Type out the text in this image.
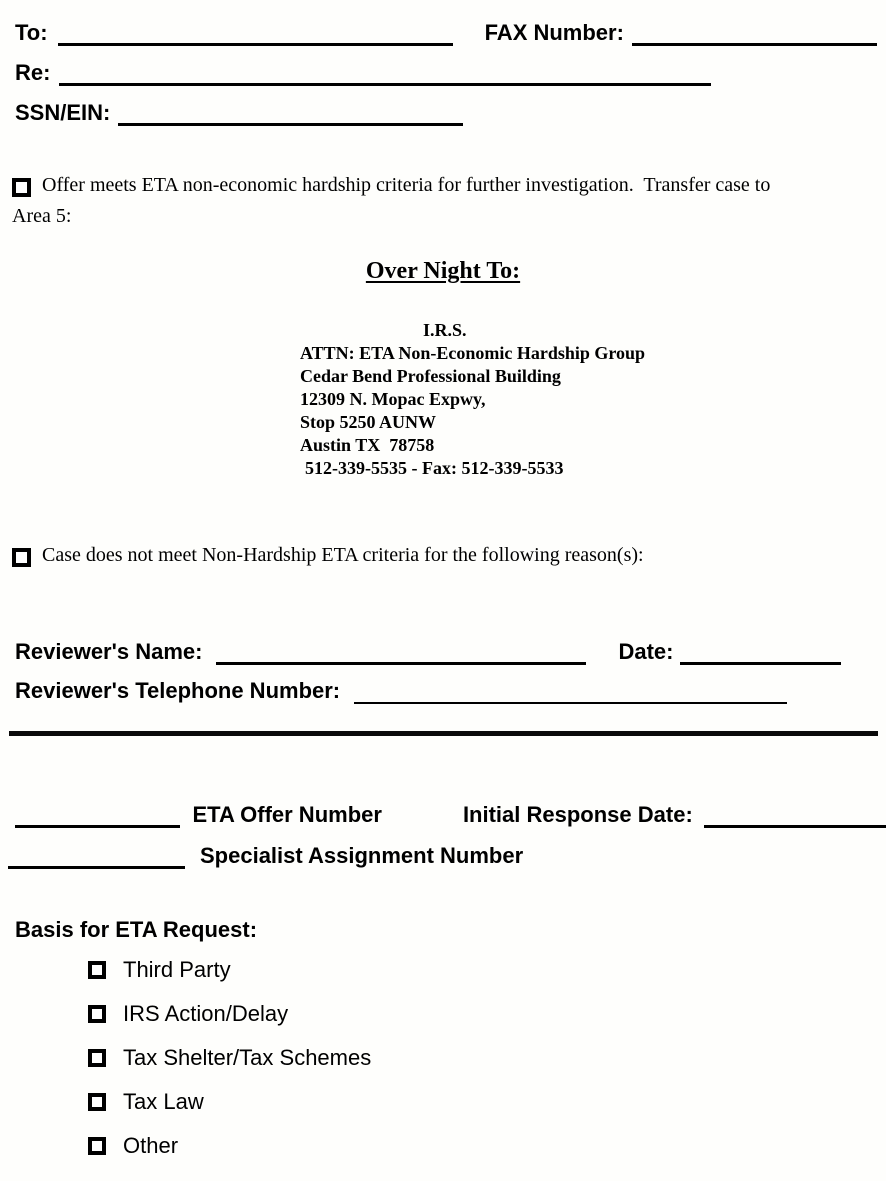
To:	FAX Number:
Re:
SSN/EIN:
Offer meets ETA non-economic hardship criteria for further investigation.  Transfer case to
Area 5:
Over Night To:
I.R.S.
ATTN: ETA Non-Economic Hardship Group
Cedar Bend Professional Building
12309 N. Mopac Expwy,
Stop 5250 AUNW
Austin TX  78758
512-339-5535 - Fax: 512-339-5533
Case does not meet Non-Hardship ETA criteria for the following reason(s):
Reviewer's Name:	Date:
Reviewer's Telephone Number:
ETA Offer Number	Initial Response Date:
Specialist Assignment Number
Basis for ETA Request:
Third Party
IRS Action/Delay
Tax Shelter/Tax Schemes
Tax Law
Other
